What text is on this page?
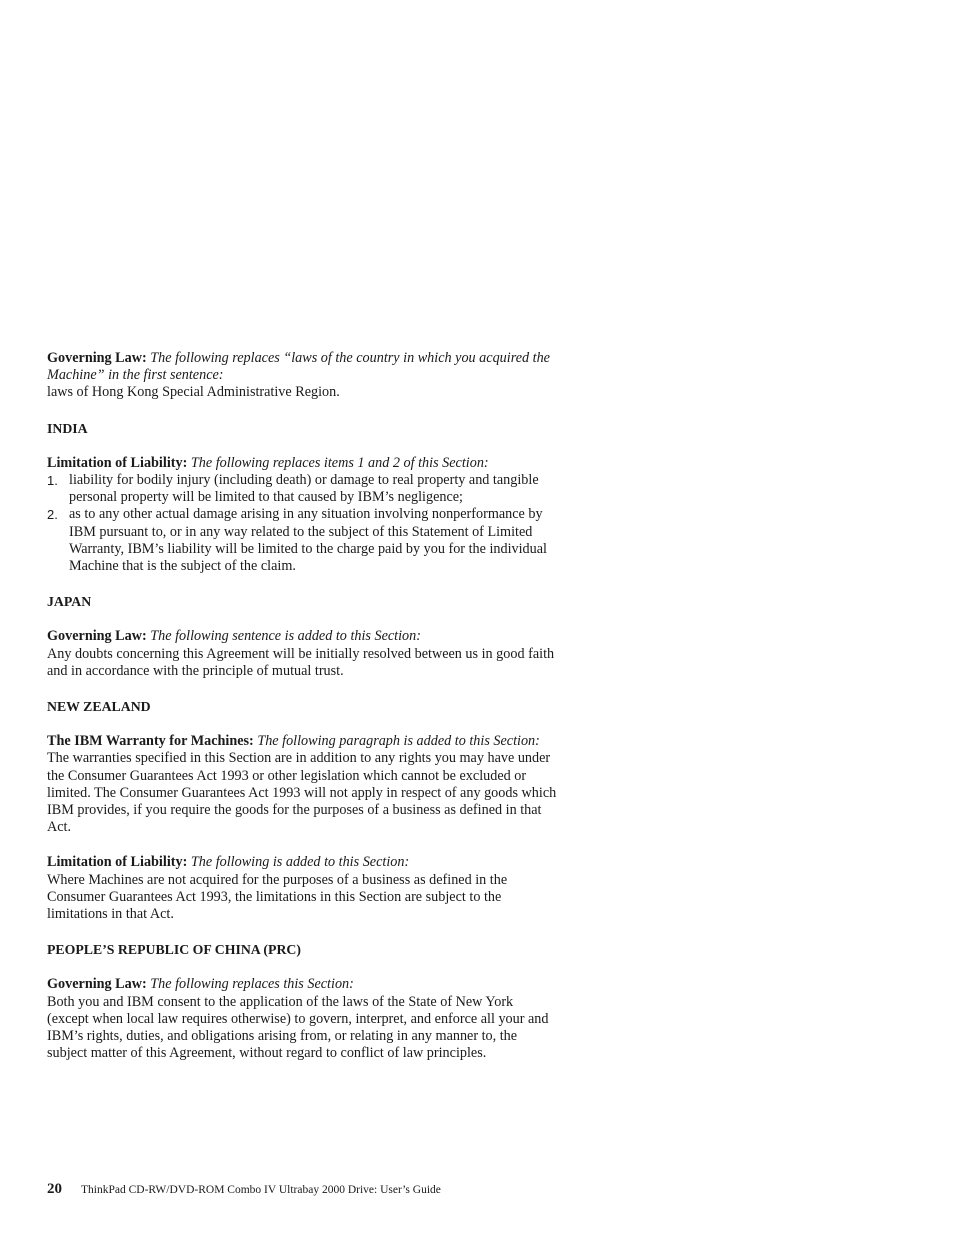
Governing Law: The following replaces “laws of the country in which you acquired the Machine” in the first sentence:

laws of Hong Kong Special Administrative Region.

INDIA

Limitation of Liability: The following replaces items 1 and 2 of this Section:

1. liability for bodily injury (including death) or damage to real property and tangible personal property will be limited to that caused by IBM’s negligence;
2. as to any other actual damage arising in any situation involving nonperformance by IBM pursuant to, or in any way related to the subject of this Statement of Limited Warranty, IBM’s liability will be limited to the charge paid by you for the individual Machine that is the subject of the claim.

JAPAN

Governing Law: The following sentence is added to this Section:

Any doubts concerning this Agreement will be initially resolved between us in good faith and in accordance with the principle of mutual trust.

NEW ZEALAND

The IBM Warranty for Machines: The following paragraph is added to this Section:

The warranties specified in this Section are in addition to any rights you may have under the Consumer Guarantees Act 1993 or other legislation which cannot be excluded or limited. The Consumer Guarantees Act 1993 will not apply in respect of any goods which IBM provides, if you require the goods for the purposes of a business as defined in that Act.

Limitation of Liability: The following is added to this Section:

Where Machines are not acquired for the purposes of a business as defined in the Consumer Guarantees Act 1993, the limitations in this Section are subject to the limitations in that Act.

PEOPLE’S REPUBLIC OF CHINA (PRC)

Governing Law: The following replaces this Section:

Both you and IBM consent to the application of the laws of the State of New York (except when local law requires otherwise) to govern, interpret, and enforce all your and IBM’s rights, duties, and obligations arising from, or relating in any manner to, the subject matter of this Agreement, without regard to conflict of law principles.

20	ThinkPad CD-RW/DVD-ROM Combo IV Ultrabay 2000 Drive: User’s Guide
